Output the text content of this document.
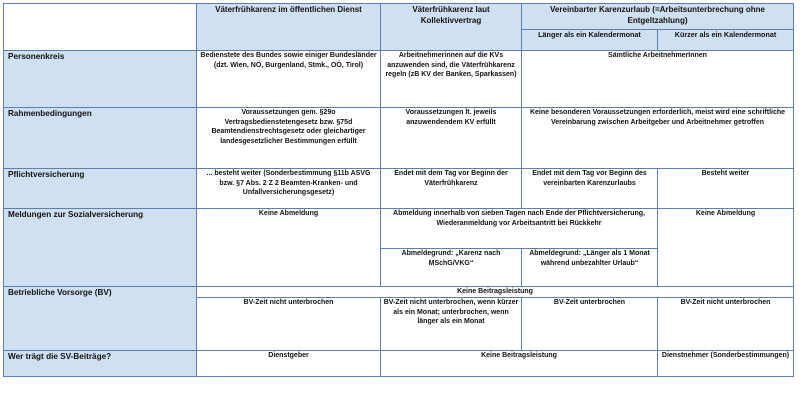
	Väterfrühkarenz im öffentlichen Dienst	Väterfrühkarenz laut Kollektivvertrag	Vereinbarter Karenzurlaub (=Arbeitsunterbrechung ohne Entgeltzahlung)	
			Länger als ein Kalendermonat	Kürzer als ein Kalendermonat
Personenkreis	Bedienstete des Bundes sowie einiger Bundesländer (dzt. Wien, NÖ, Burgenland, Stmk., OÖ, Tirol)	Arbeitnehmerinnen auf die KVs anzuwenden sind, die Väterfrühkarenz regeln (zB KV der Banken, Sparkassen)	Sämtliche ArbeitnehmerInnen	
Rahmenbedingungen	Voraussetzungen gem. §29o Vertragsbedienstetengesetz bzw. §75d Beamtendienstrechtsgesetz oder gleichartiger landesgesetzlicher Bestimmungen erfüllt	Voraussetzungen lt. jeweils anzuwendendem KV erfüllt	Keine besonderen Voraussetzungen erforderlich, meist wird eine schriftliche Vereinbarung zwischen Arbeitgeber und Arbeitnehmer getroffen	
Pflichtversicherung	... besteht weiter (Sonderbestimmung §11b ASVG bzw. §7 Abs. 2 Z 2 Beamten-Kranken- und Unfallversicherungsgesetz)	Endet mit dem Tag vor Beginn der Väterfrühkarenz	Endet mit dem Tag vor Beginn des vereinbarten Karenzurlaubs	Besteht weiter
Meldungen zur Sozialversicherung	Keine Abmeldung	Abmeldung innerhalb von sieben Tagen nach Ende der Pflichtversicherung, Wiederanmeldung vor Arbeitsantritt bei Rückkehr		Keine Abmeldung
		Abmeldegrund: „Karenz nach MSchG/VKG“	Abmeldegrund: „Länger als 1 Monat während unbezahlter Urlaub“	
Betriebliche Vorsorge (BV)	Keine Beitragsleistung			
	BV-Zeit nicht unterbrochen	BV-Zeit nicht unterbrochen, wenn kürzer als ein Monat; unterbrochen, wenn länger als ein Monat	BV-Zeit unterbrochen	BV-Zeit nicht unterbrochen
Wer trägt die SV-Beiträge?	Dienstgeber	Keine Beitragsleistung		Dienstnehmer (Sonderbestimmungen)
